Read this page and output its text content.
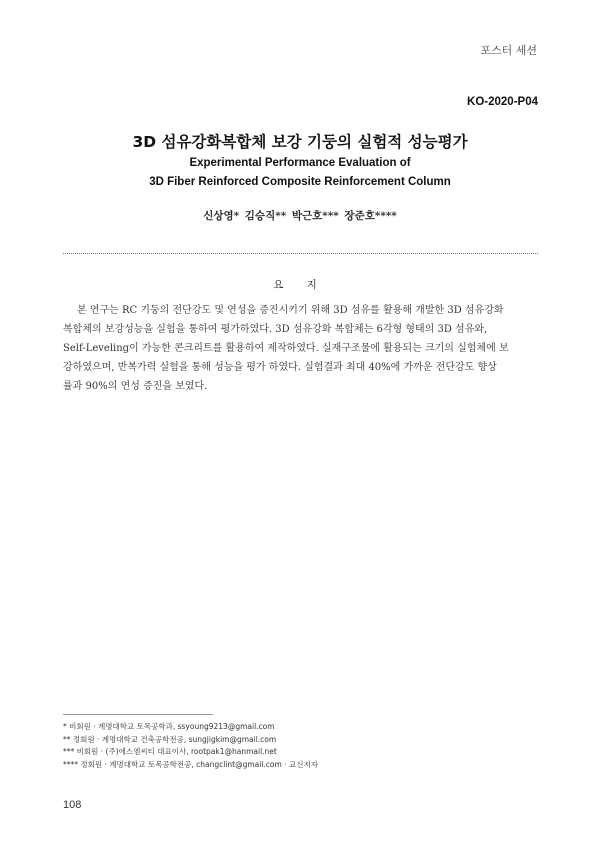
포스터 세션
KO-2020-P04
3D 섬유강화복합체 보강 기둥의 실험적 성능평가
Experimental Performance Evaluation of
3D Fiber Reinforced Composite Reinforcement Column
신상영* 김승직** 박근호*** 장준호****
요 지
본 연구는 RC 기둥의 전단강도 및 연성을 증진시키기 위해 3D 섬유를 활용해 개발한 3D 섬유강화
복합체의 보강성능을 실험을 통하여 평가하였다. 3D 섬유강화 복합체는 6각형 형태의 3D 섬유와,
Self-Leveling이 가능한 콘크리트를 활용하여 제작하였다. 실재구조물에 활용되는 크기의 실험체에 보
강하였으며, 반복가력 실험을 통해 성능을 평가 하였다. 실험결과 최대 40%에 가까운 전단강도 향상
률과 90%의 연성 증진을 보였다.
* 비회원 · 계명대학교 토목공학과, ssyoung9213@gmail.com
** 정회원 · 계명대학교 건축공학전공, sungjigkim@gmail.com
*** 비회원 · (주)에스엠씨티 대표이사, rootpak1@hanmail.net
**** 정회원 · 계명대학교 토목공학전공, changclint@gmail.com · 교신저자
108
